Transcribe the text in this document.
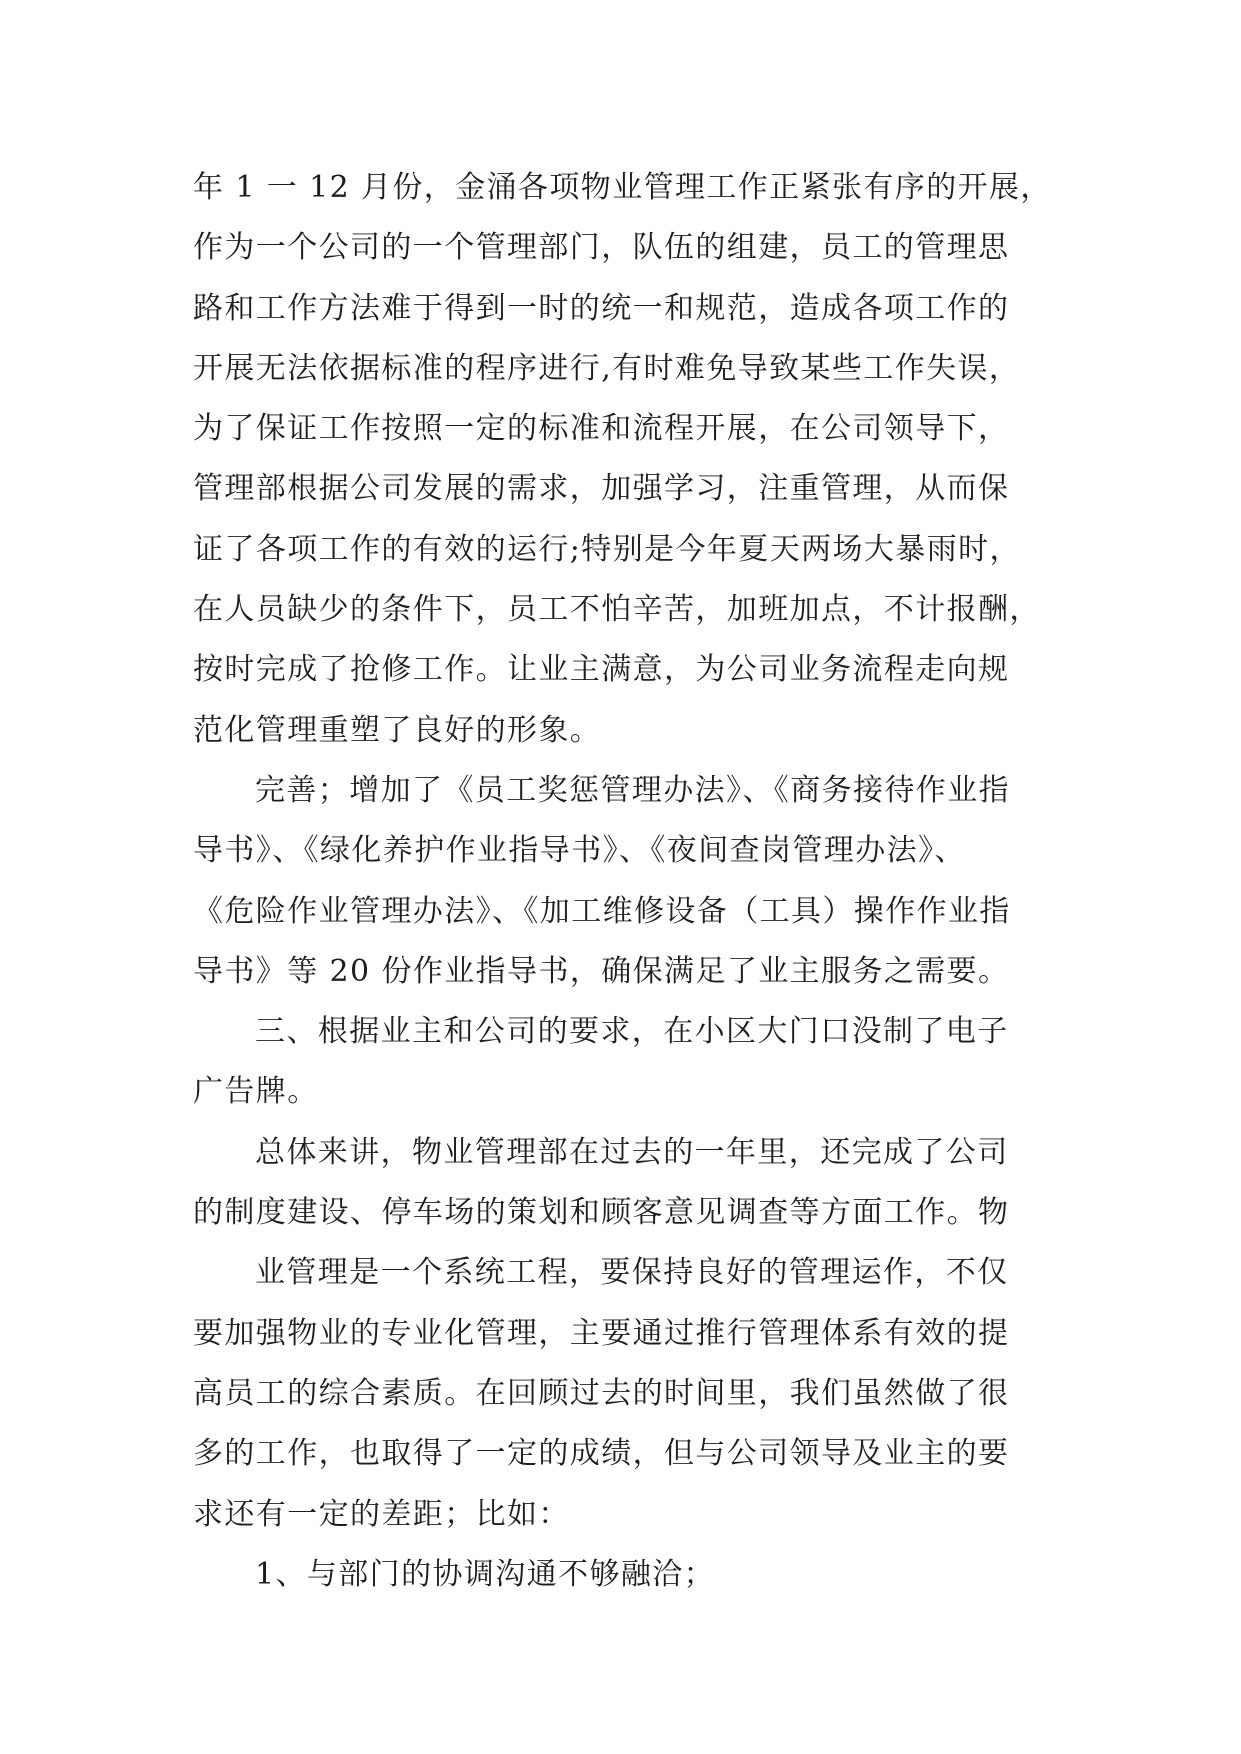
年 1 一 12 月份，金涌各项物业管理工作正紧张有序的开展，
作为一个公司的一个管理部门，队伍的组建，员工的管理思
路和工作方法难于得到一时的统一和规范，造成各项工作的
开展无法依据标准的程序进行,有时难免导致某些工作失误，
为了保证工作按照一定的标准和流程开展，在公司领导下，
管理部根据公司发展的需求，加强学习，注重管理，从而保
证了各项工作的有效的运行;特别是今年夏天两场大暴雨时，
在人员缺少的条件下，员工不怕辛苦，加班加点，不计报酬，
按时完成了抢修工作。让业主满意，为公司业务流程走向规
范化管理重塑了良好的形象。
完善；增加了《员工奖惩管理办法》、《商务接待作业指
导书》、《绿化养护作业指导书》、《夜间查岗管理办法》、
《危险作业管理办法》、《加工维修设备（工具）操作作业指
导书》等 20 份作业指导书，确保满足了业主服务之需要。
三、根据业主和公司的要求，在小区大门口没制了电子
广告牌。
总体来讲，物业管理部在过去的一年里，还完成了公司
的制度建设、停车场的策划和顾客意见调查等方面工作。物
业管理是一个系统工程，要保持良好的管理运作，不仅
要加强物业的专业化管理，主要通过推行管理体系有效的提
高员工的综合素质。在回顾过去的时间里，我们虽然做了很
多的工作，也取得了一定的成绩，但与公司领导及业主的要
求还有一定的差距；比如：
1、与部门的协调沟通不够融洽；
